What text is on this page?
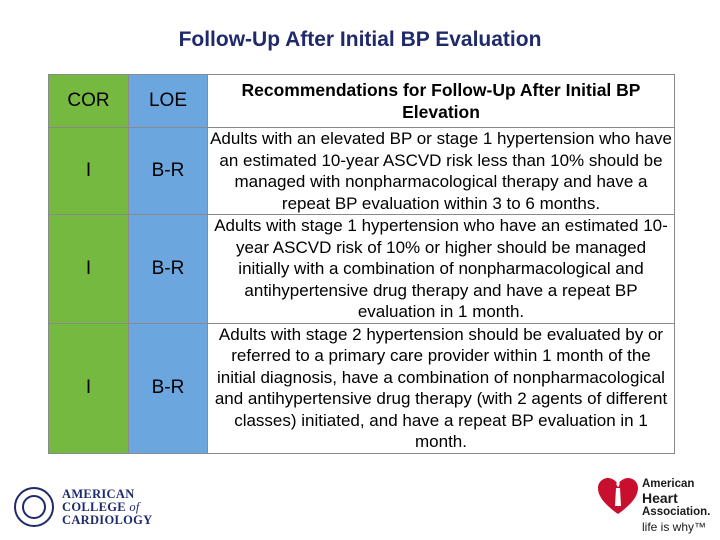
Follow-Up After Initial BP Evaluation
COR	LOE	Recommendations for Follow-Up After Initial BP Elevation
I	B-R	Adults with an elevated BP or stage 1 hypertension who have an estimated 10-year ASCVD risk less than 10% should be managed with nonpharmacological therapy and have a repeat BP evaluation within 3 to 6 months.
I	B-R	Adults with stage 1 hypertension who have an estimated 10-year ASCVD risk of 10% or higher should be managed initially with a combination of nonpharmacological and antihypertensive drug therapy and have a repeat BP evaluation in 1 month.
I	B-R	Adults with stage 2 hypertension should be evaluated by or referred to a primary care provider within 1 month of the initial diagnosis, have a combination of nonpharmacological and antihypertensive drug therapy (with 2 agents of different classes) initiated, and have a repeat BP evaluation in 1 month.
AMERICAN
COLLEGE of
CARDIOLOGY
American
Heart
Association.
life is why™
